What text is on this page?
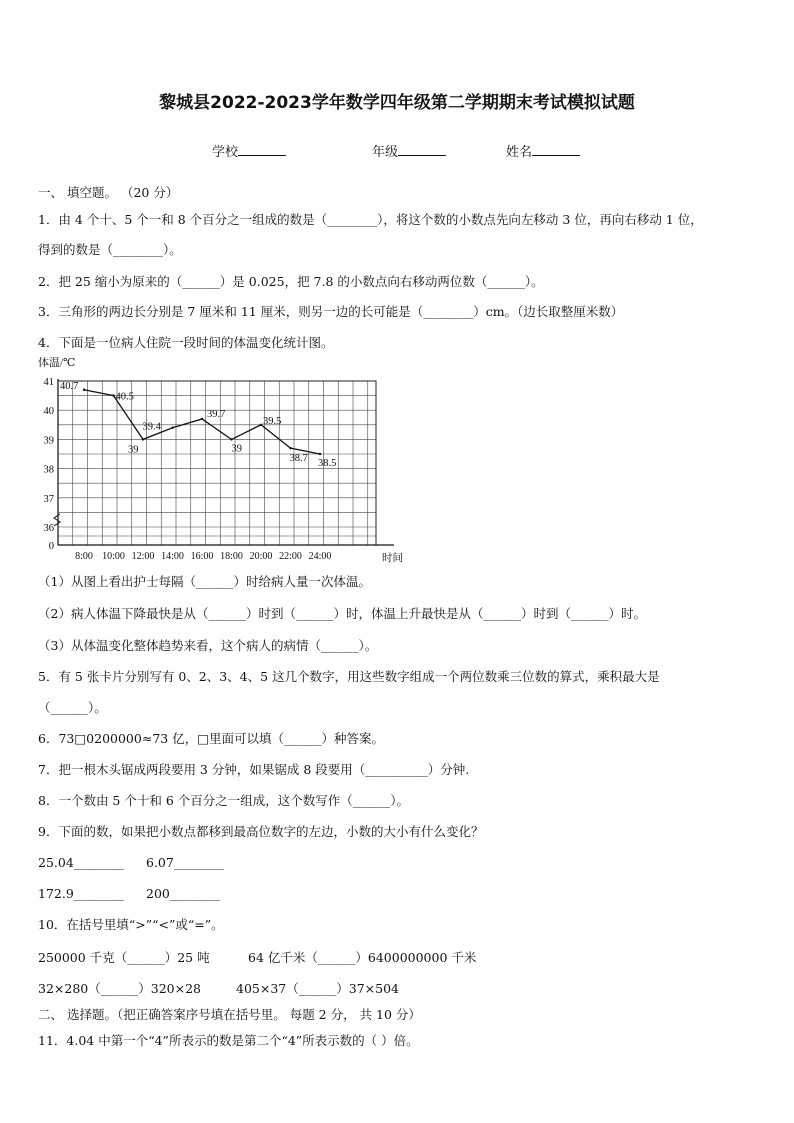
黎城县2022-2023学年数学四年级第二学期期末考试模拟试题
学校	年级	姓名
一、 填空题。 （20 分）
1．由 4 个十、5 个一和 8 个百分之一组成的数是（________），将这个数的小数点先向左移动 3 位，再向右移动 1 位，
得到的数是（________）。
2．把 25 缩小为原来的（______）是 0.025，把 7.8 的小数点向右移动两位数（______）。
3．三角形的两边长分别是 7 厘米和 11 厘米，则另一边的长可能是（________）cm。（边长取整厘米数）
4．下面是一位病人住院一段时间的体温变化统计图。
0
36
37
38
39
40
41
8:00 10:00 12:00 14:00 16:00 18:00 20:00 22:00 24:00
体温/℃
时间
40.7
40.5
39
39.4
39.7
39
39.5
38.7 38.5
（1）从图上看出护士每隔（______）时给病人量一次体温。
（2）病人体温下降最快是从（______）时到（______）时，体温上升最快是从（______）时到（______）时。
（3）从体温变化整体趋势来看，这个病人的病情（______）。
5．有 5 张卡片分别写有 0、2、3、4、5 这几个数字，用这些数字组成一个两位数乘三位数的算式，乘积最大是
（______）。
6．73□0200000≈73 亿，□里面可以填（______）种答案。
7．把一根木头锯成两段要用 3 分钟，如果锯成 8 段要用（__________）分钟.
8．一个数由 5 个十和 6 个百分之一组成，这个数写作（______）。
9．下面的数，如果把小数点都移到最高位数字的左边，小数的大小有什么变化？
25.04________ 6.07________
172.9________ 200________
10．在括号里填“>”“<”或“=”。
250000 千克（______）25 吨	64 亿千米（______）6400000000 千米
32×280（______）320×28	405×37（______）37×504
二、 选择题。（把正确答案序号填在括号里。 每题 2 分， 共 10 分）
11．4.04 中第一个“4”所表示的数是第二个“4”所表示数的（ ）倍。
